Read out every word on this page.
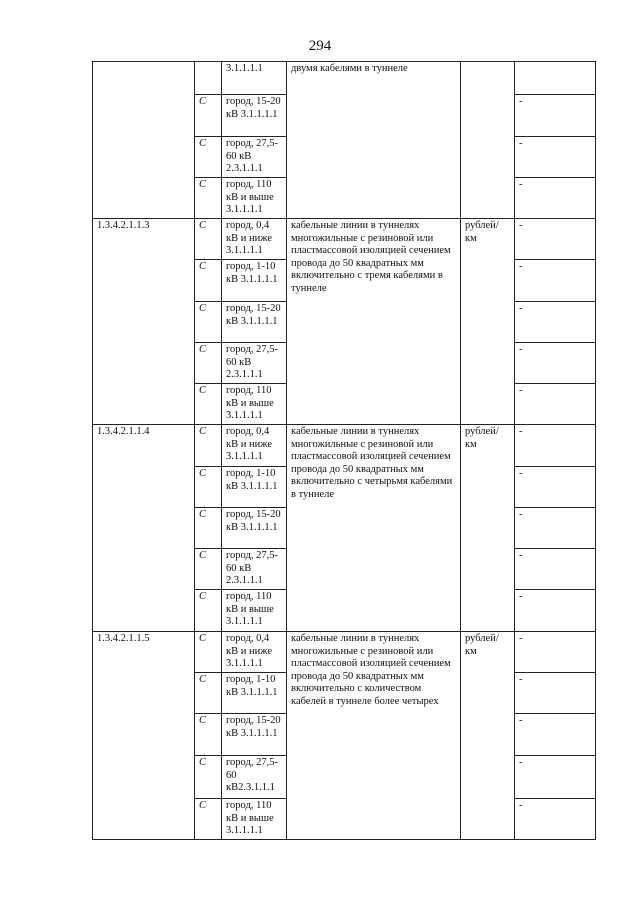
294
		3.1.1.1.1	двумя кабелями в туннеле		
	C	город, 15-20 кВ 3.1.1.1.1			-
	C	город, 27,5-60 кВ 2.3.1.1.1			-
	C	город, 110 кВ и выше 3.1.1.1.1			-
1.3.4.2.1.1.3	C	город, 0,4 кВ и ниже 3.1.1.1.1	кабельные линии в туннелях многожильные с резиновой или пластмассовой изоляцией сечением провода до 50 квадратных мм включительно с тремя кабелями в туннеле	рублей/ км	-
	C	город, 1-10 кВ 3.1.1.1.1			-
	C	город, 15-20 кВ 3.1.1.1.1			-
	C	город, 27,5-60 кВ 2.3.1.1.1			-
	C	город, 110 кВ и выше 3.1.1.1.1			-
1.3.4.2.1.1.4	C	город, 0,4 кВ и ниже 3.1.1.1.1	кабельные линии в туннелях многожильные с резиновой или пластмассовой изоляцией сечением провода до 50 квадратных мм включительно с четырьмя кабелями в туннеле	рублей/ км	-
	C	город, 1-10 кВ 3.1.1.1.1			-
	C	город, 15-20 кВ 3.1.1.1.1			-
	C	город, 27,5-60 кВ 2.3.1.1.1			-
	C	город, 110 кВ и выше 3.1.1.1.1			-
1.3.4.2.1.1.5	C	город, 0,4 кВ и ниже 3.1.1.1.1	кабельные линии в туннелях многожильные с резиновой или пластмассовой изоляцией сечением провода до 50 квадратных мм включительно с количеством кабелей в туннеле более четырех	рублей/ км	-
	C	город, 1-10 кВ 3.1.1.1.1			-
	C	город, 15-20 кВ 3.1.1.1.1			-
	C	город, 27,5-60 кВ2.3.1.1.1			-
	C	город, 110 кВ и выше 3.1.1.1.1			-
